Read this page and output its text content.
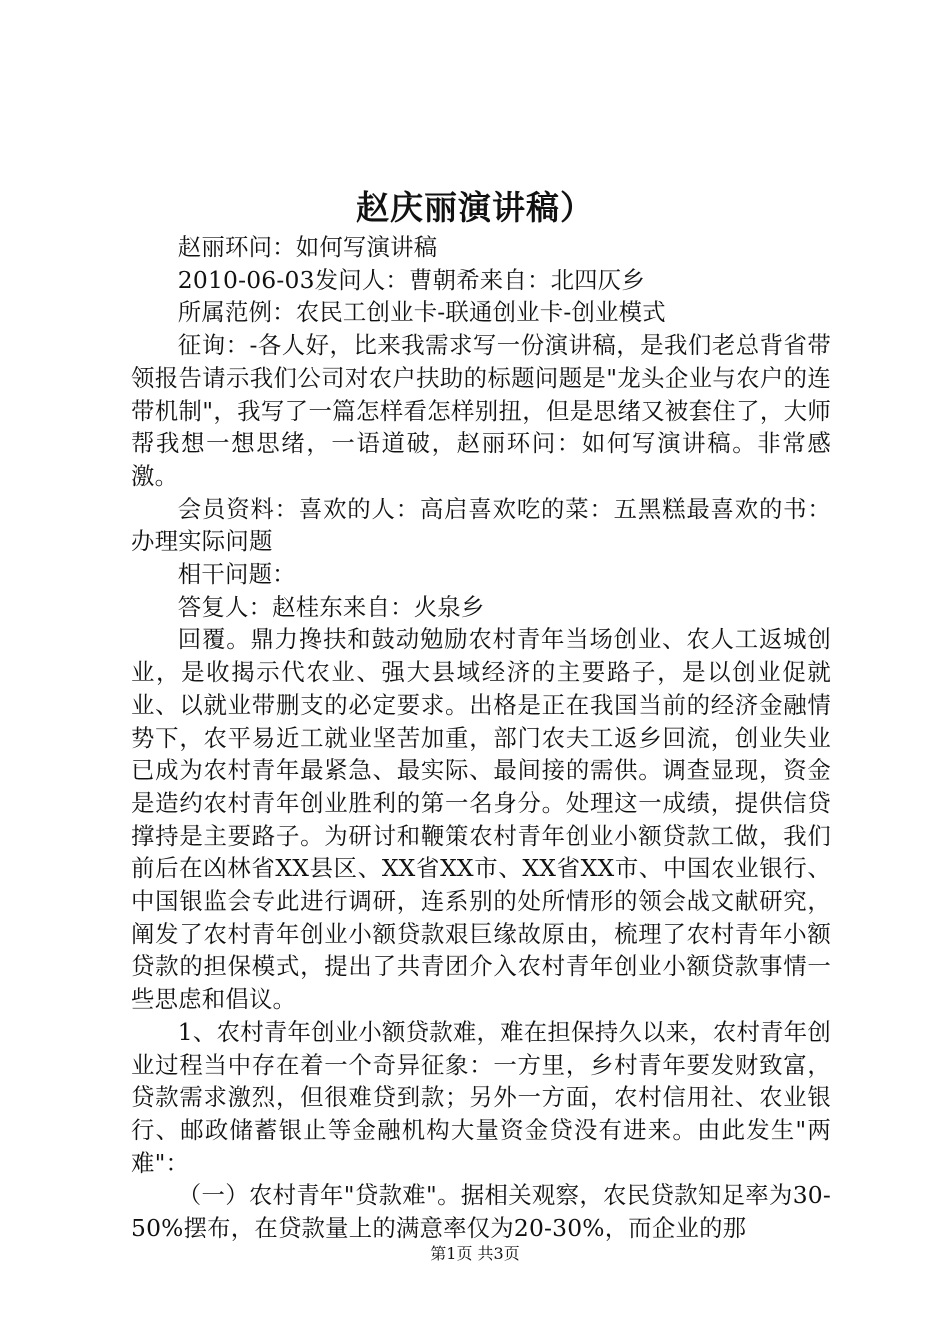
赵庆丽演讲稿）

赵丽环问：如何写演讲稿

2010-06-03发问人：曹朝希来自：北四仄乡

所属范例：农民工创业卡-联通创业卡-创业模式

征询：-各人好，比来我需求写一份演讲稿，是我们老总背省带领报告请示我们公司对农户扶助的标题问题是"龙头企业与农户的连带机制"，我写了一篇怎样看怎样别扭，但是思绪又被套住了，大师帮我想一想思绪，一语道破，赵丽环问：如何写演讲稿。非常感激。

会员资料：喜欢的人：高启喜欢吃的菜：五黑糕最喜欢的书：办理实际问题

相干问题：

答复人：赵桂东来自：火泉乡

回覆。鼎力搀扶和鼓动勉励农村青年当场创业、农人工返城创业，是收揭示代农业、强大县域经济的主要路子，是以创业促就业、以就业带删支的必定要求。出格是正在我国当前的经济金融情势下，农平易近工就业坚苦加重，部门农夫工返乡回流，创业失业已成为农村青年最紧急、最实际、最间接的需供。调查显现，资金是造约农村青年创业胜利的第一名身分。处理这一成绩，提供信贷撑持是主要路子。为研讨和鞭策农村青年创业小额贷款工做，我们前后在凶林省XX县区、XX省XX市、XX省XX市、中国农业银行、中国银监会专此进行调研，连系别的处所情形的领会战文献研究，阐发了农村青年创业小额贷款艰巨缘故原由，梳理了农村青年小额贷款的担保模式，提出了共青团介入农村青年创业小额贷款事情一些思虑和倡议。

1、农村青年创业小额贷款难，难在担保持久以来，农村青年创业过程当中存在着一个奇异征象：一方里，乡村青年要发财致富，贷款需求激烈，但很难贷到款；另外一方面，农村信用社、农业银行、邮政储蓄银止等金融机构大量资金贷没有进来。由此发生"两难"：

（一）农村青年"贷款难"。据相关观察，农民贷款知足率为30-50%摆布，在贷款量上的满意率仅为20-30%，而企业的那

第1页 共3页
